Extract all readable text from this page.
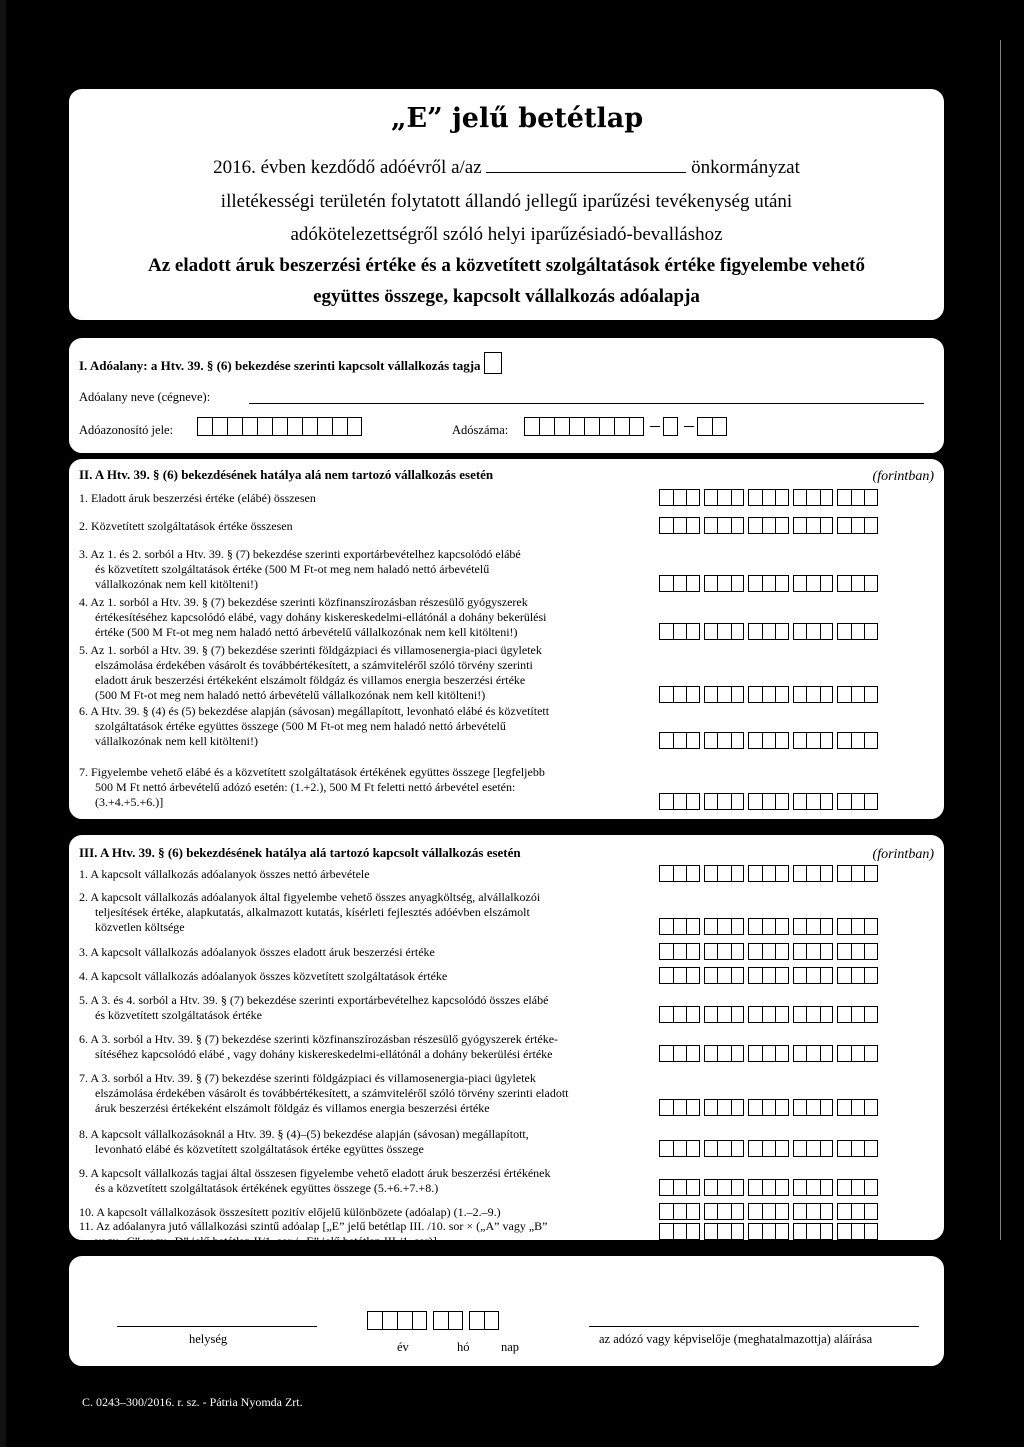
„E” jelű betétlap
2016. évben kezdődő adóévről a/az	önkormányzat
illetékességi területén folytatott állandó jellegű iparűzési tevékenység utáni
adókötelezettségről szóló helyi iparűzésiadó-bevalláshoz
Az eladott áruk beszerzési értéke és a közvetített szolgáltatások értéke figyelembe vehető
együttes összege, kapcsolt vállalkozás adóalapja
I. Adóalany: a Htv. 39. § (6) bekezdése szerinti kapcsolt vállalkozás tagja
Adóalany neve (cégneve):
Adóazonosító jele:	Adószáma:
II. A Htv. 39. § (6) bekezdésének hatálya alá nem tartozó vállalkozás esetén	(forintban)
1. Eladott áruk beszerzési értéke (elábé) összesen
2. Közvetített szolgáltatások értéke összesen
3. Az 1. és 2. sorból a Htv. 39. § (7) bekezdése szerinti exportárbevételhez kapcsolódó elábé
és közvetített szolgáltatások értéke (500 M Ft-ot meg nem haladó nettó árbevételű
vállalkozónak nem kell kitölteni!)
4. Az 1. sorból a Htv. 39. § (7) bekezdése szerinti közfinanszírozásban részesülő gyógyszerek
értékesítéséhez kapcsolódó elábé, vagy dohány kiskereskedelmi-ellátónál a dohány bekerülési
értéke (500 M Ft-ot meg nem haladó nettó árbevételű vállalkozónak nem kell kitölteni!)
5. Az 1. sorból a Htv. 39. § (7) bekezdése szerinti földgázpiaci és villamosenergia-piaci ügyletek
elszámolása érdekében vásárolt és továbbértékesített, a számviteléről szóló törvény szerinti
eladott áruk beszerzési értékeként elszámolt földgáz és villamos energia beszerzési értéke
(500 M Ft-ot meg nem haladó nettó árbevételű vállalkozónak nem kell kitölteni!)
6. A Htv. 39. § (4) és (5) bekezdése alapján (sávosan) megállapított, levonható elábé és közvetített
szolgáltatások értéke együttes összege (500 M Ft-ot meg nem haladó nettó árbevételű
vállalkozónak nem kell kitölteni!)
7. Figyelembe vehető elábé és a közvetített szolgáltatások értékének együttes összege [legfeljebb
500 M Ft nettó árbevételű adózó esetén: (1.+2.), 500 M Ft feletti nettó árbevétel esetén:
(3.+4.+5.+6.)]
III. A Htv. 39. § (6) bekezdésének hatálya alá tartozó kapcsolt vállalkozás esetén	(forintban)
1. A kapcsolt vállalkozás adóalanyok összes nettó árbevétele
2. A kapcsolt vállalkozás adóalanyok által figyelembe vehető összes anyagköltség, alvállalkozói
teljesítések értéke, alapkutatás, alkalmazott kutatás, kísérleti fejlesztés adóévben elszámolt
közvetlen költsége
3. A kapcsolt vállalkozás adóalanyok összes eladott áruk beszerzési értéke
4. A kapcsolt vállalkozás adóalanyok összes közvetített szolgáltatások értéke
5. A 3. és 4. sorból a Htv. 39. § (7) bekezdése szerinti exportárbevételhez kapcsolódó összes elábé
és közvetített szolgáltatások értéke
6. A 3. sorból a Htv. 39. § (7) bekezdése szerinti közfinanszírozásban részesülő gyógyszerek értéke-
sítéséhez kapcsolódó elábé , vagy dohány kiskereskedelmi-ellátónál a dohány bekerülési értéke
7. A 3. sorból a Htv. 39. § (7) bekezdése szerinti földgázpiaci és villamosenergia-piaci ügyletek
elszámolása érdekében vásárolt és továbbértékesített, a számviteléről szóló törvény szerinti eladott
áruk beszerzési értékeként elszámolt földgáz és villamos energia beszerzési értéke
8. A kapcsolt vállalkozásoknál a Htv. 39. § (4)–(5) bekezdése alapján (sávosan) megállapított,
levonható elábé és közvetített szolgáltatások értéke együttes összege
9. A kapcsolt vállalkozás tagjai által összesen figyelembe vehető eladott áruk beszerzési értékének
és a közvetített szolgáltatások értékének együttes összege (5.+6.+7.+8.)
10. A kapcsolt vállalkozások összesített pozitív előjelű különbözete (adóalap) (1.–2.–9.)
11. Az adóalanyra jutó vállalkozási szintű adóalap [„E” jelű betétlap III. /10. sor × („A” vagy „B”
vagy „C” vagy „D” jelű betétlap II/1. sor / „E” jelű betétlap III./1. sor)]
helység
év	hó	nap
az adózó vagy képviselője (meghatalmazottja) aláírása
C. 0243–300/2016. r. sz. - Pátria Nyomda Zrt.
